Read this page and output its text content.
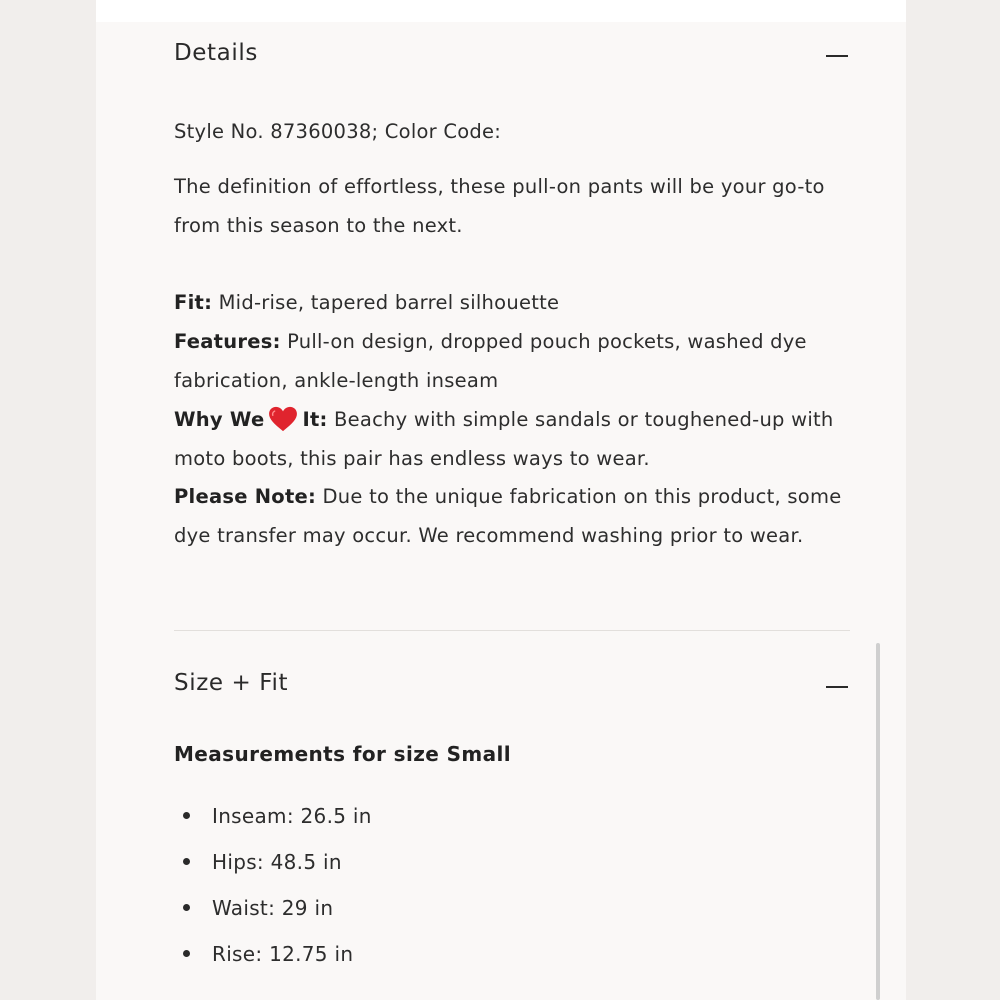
Details

Style No. 87360038; Color Code:

The definition of effortless, these pull-on pants will be your go-to from this season to the next.

Fit: Mid-rise, tapered barrel silhouette
Features: Pull-on design, dropped pouch pockets, washed dye fabrication, ankle-length inseam
Why We It: Beachy with simple sandals or toughened-up with moto boots, this pair has endless ways to wear.

Please Note: Due to the unique fabrication on this product, some dye transfer may occur. We recommend washing prior to wear.

Size + Fit
Measurements for size Small
Inseam: 26.5 in
Hips: 48.5 in
Waist: 29 in
Rise: 12.75 in
